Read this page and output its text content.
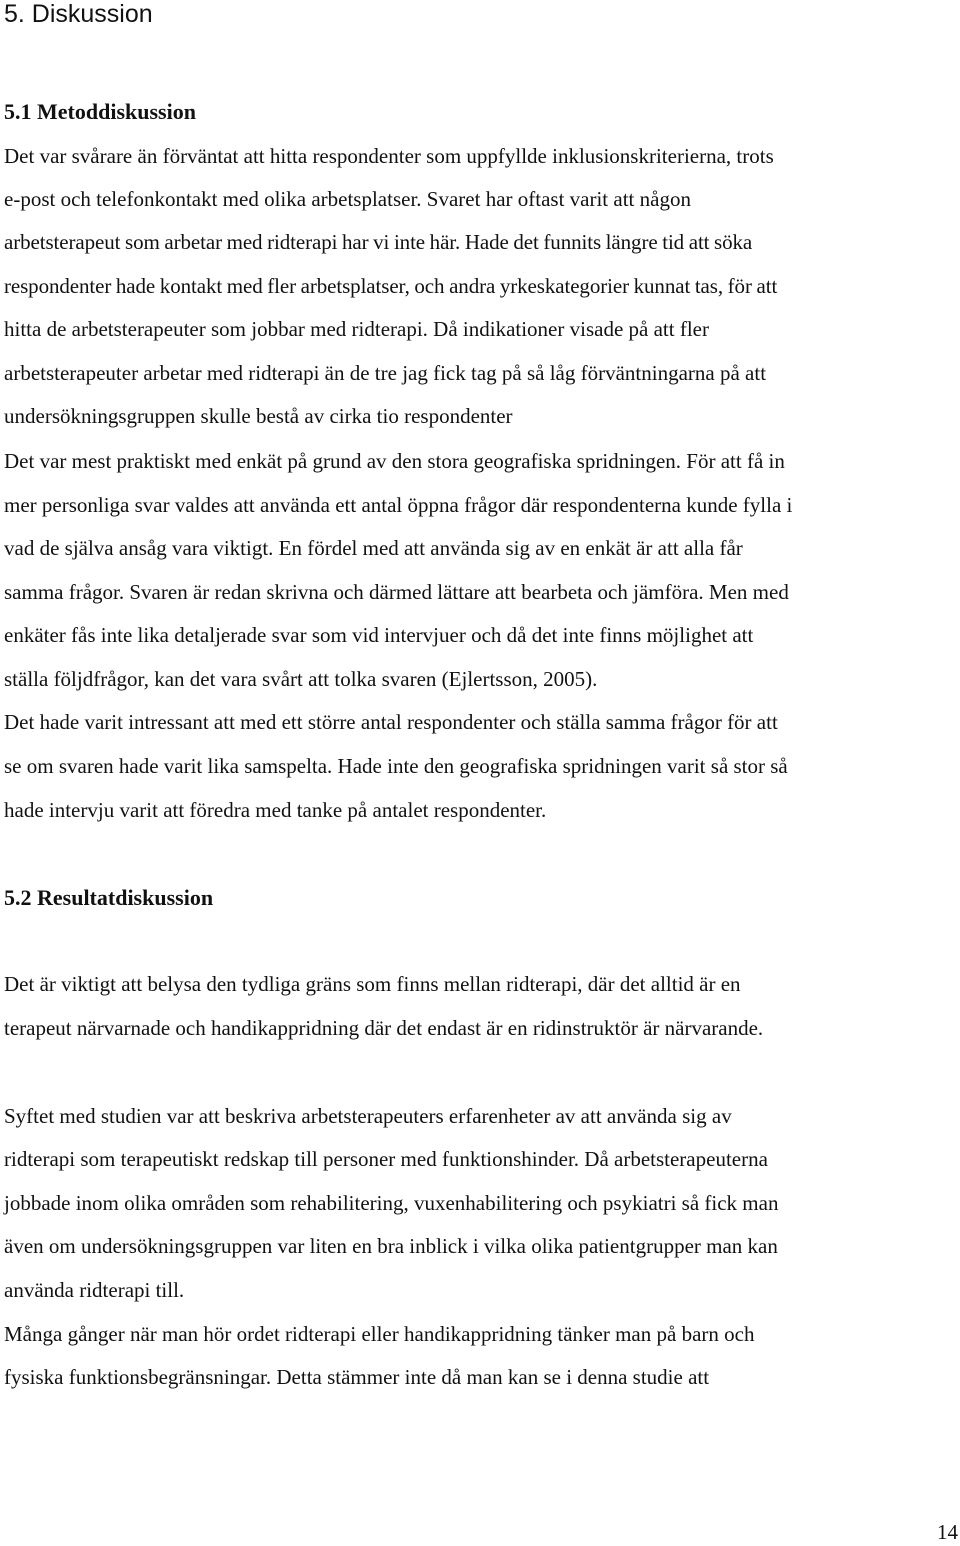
5. Diskussion
5.1 Metoddiskussion

Det var svårare än förväntat att hitta respondenter som uppfyllde inklusionskriterierna, trots

e-post och telefonkontakt med olika arbetsplatser. Svaret har oftast varit att någon

arbetsterapeut som arbetar med ridterapi har vi inte här. Hade det funnits längre tid att söka

respondenter hade kontakt med fler arbetsplatser, och andra yrkeskategorier kunnat tas, för att

hitta de arbetsterapeuter som jobbar med ridterapi. Då indikationer visade på att fler

arbetsterapeuter arbetar med ridterapi än de tre jag fick tag på så låg förväntningarna på att

undersökningsgruppen skulle bestå av cirka tio respondenter

Det var mest praktiskt med enkät på grund av den stora geografiska spridningen. För att få in

mer personliga svar valdes att använda ett antal öppna frågor där respondenterna kunde fylla i

vad de själva ansåg vara viktigt. En fördel med att använda sig av en enkät är att alla får

samma frågor. Svaren är redan skrivna och därmed lättare att bearbeta och jämföra. Men med

enkäter fås inte lika detaljerade svar som vid intervjuer och då det inte finns möjlighet att

ställa följdfrågor, kan det vara svårt att tolka svaren (Ejlertsson, 2005).

Det hade varit intressant att med ett större antal respondenter och ställa samma frågor för att

se om svaren hade varit lika samspelta. Hade inte den geografiska spridningen varit så stor så

hade intervju varit att föredra med tanke på antalet respondenter.

5.2 Resultatdiskussion

Det är viktigt att belysa den tydliga gräns som finns mellan ridterapi, där det alltid är en

terapeut närvarnade och handikappridning där det endast är en ridinstruktör är närvarande.

Syftet med studien var att beskriva arbetsterapeuters erfarenheter av att använda sig av

ridterapi som terapeutiskt redskap till personer med funktionshinder. Då arbetsterapeuterna

jobbade inom olika områden som rehabilitering, vuxenhabilitering och psykiatri så fick man

även om undersökningsgruppen var liten en bra inblick i vilka olika patientgrupper man kan

använda ridterapi till.

Många gånger när man hör ordet ridterapi eller handikappridning tänker man på barn och

fysiska funktionsbegränsningar. Detta stämmer inte då man kan se i denna studie att

14
